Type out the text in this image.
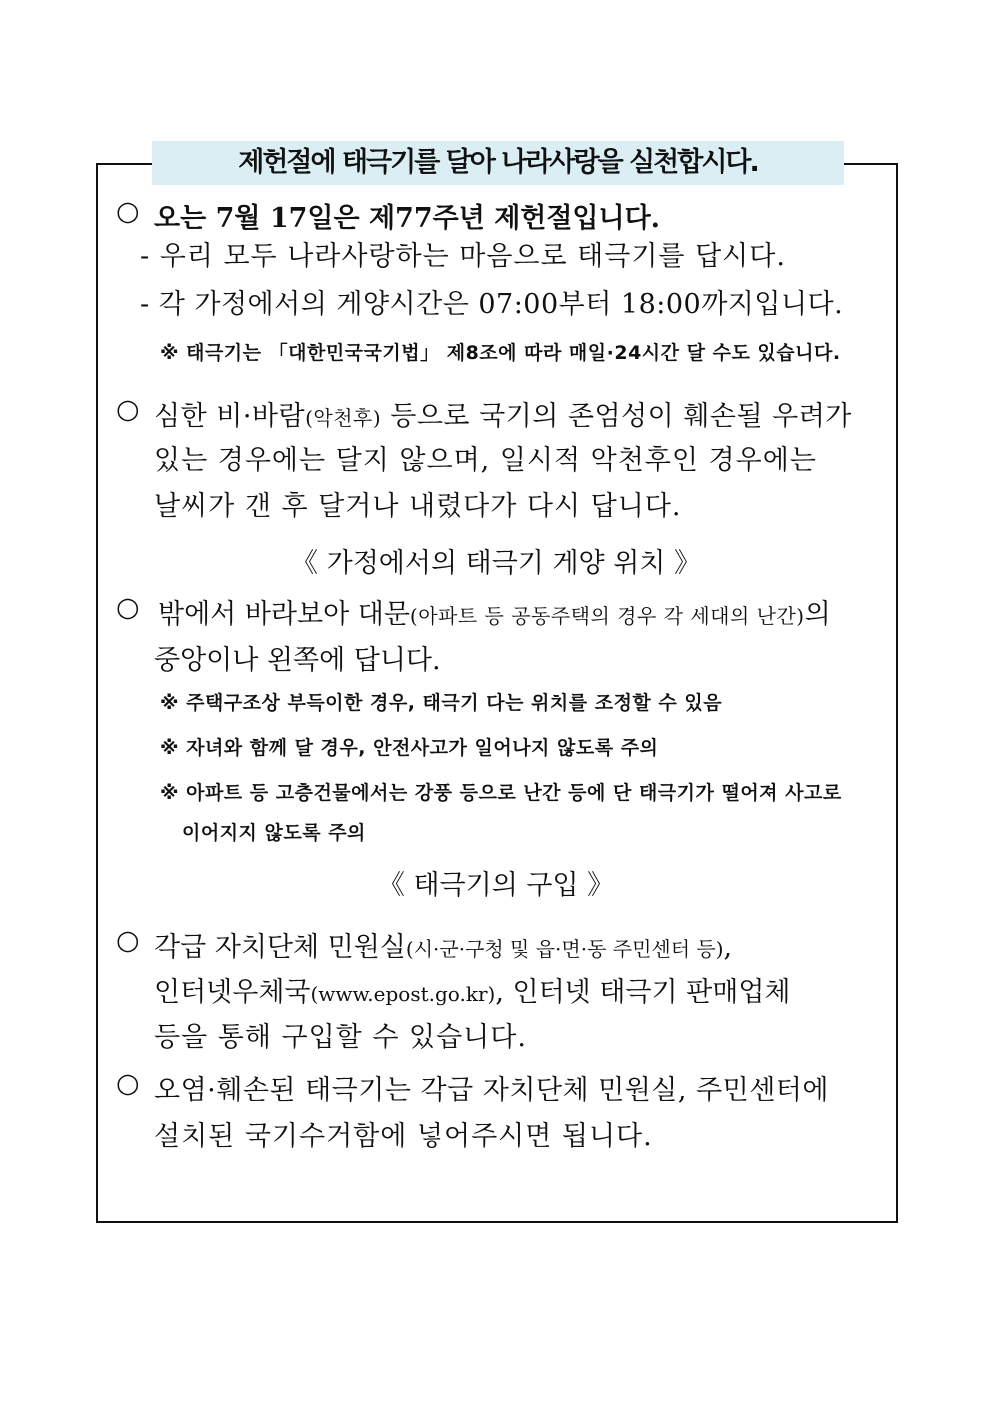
제헌절에 태극기를 달아 나라사랑을 실천합시다.
○ 오는 7월 17일은 제77주년 제헌절입니다.
- 우리 모두 나라사랑하는 마음으로 태극기를 답시다.
- 각 가정에서의 게양시간은 07:00부터 18:00까지입니다.
※ 태극기는 「대한민국국기법」 제8조에 따라 매일·24시간 달 수도 있습니다.
○ 심한 비·바람(악천후) 등으로 국기의 존엄성이 훼손될 우려가
있는 경우에는 달지 않으며, 일시적 악천후인 경우에는
날씨가 갠 후 달거나 내렸다가 다시 답니다.
《 가정에서의 태극기 게양 위치 》
○ 밖에서 바라보아 대문(아파트 등 공동주택의 경우 각 세대의 난간)의
중앙이나 왼쪽에 답니다.
※ 주택구조상 부득이한 경우, 태극기 다는 위치를 조정할 수 있음
※ 자녀와 함께 달 경우, 안전사고가 일어나지 않도록 주의
※ 아파트 등 고층건물에서는 강풍 등으로 난간 등에 단 태극기가 떨어져 사고로
이어지지 않도록 주의
《 태극기의 구입 》
○ 각급 자치단체 민원실(시·군·구청 및 읍·면·동 주민센터 등),
인터넷우체국(www.epost.go.kr), 인터넷 태극기 판매업체
등을 통해 구입할 수 있습니다.
○ 오염·훼손된 태극기는 각급 자치단체 민원실, 주민센터에
설치된 국기수거함에 넣어주시면 됩니다.
